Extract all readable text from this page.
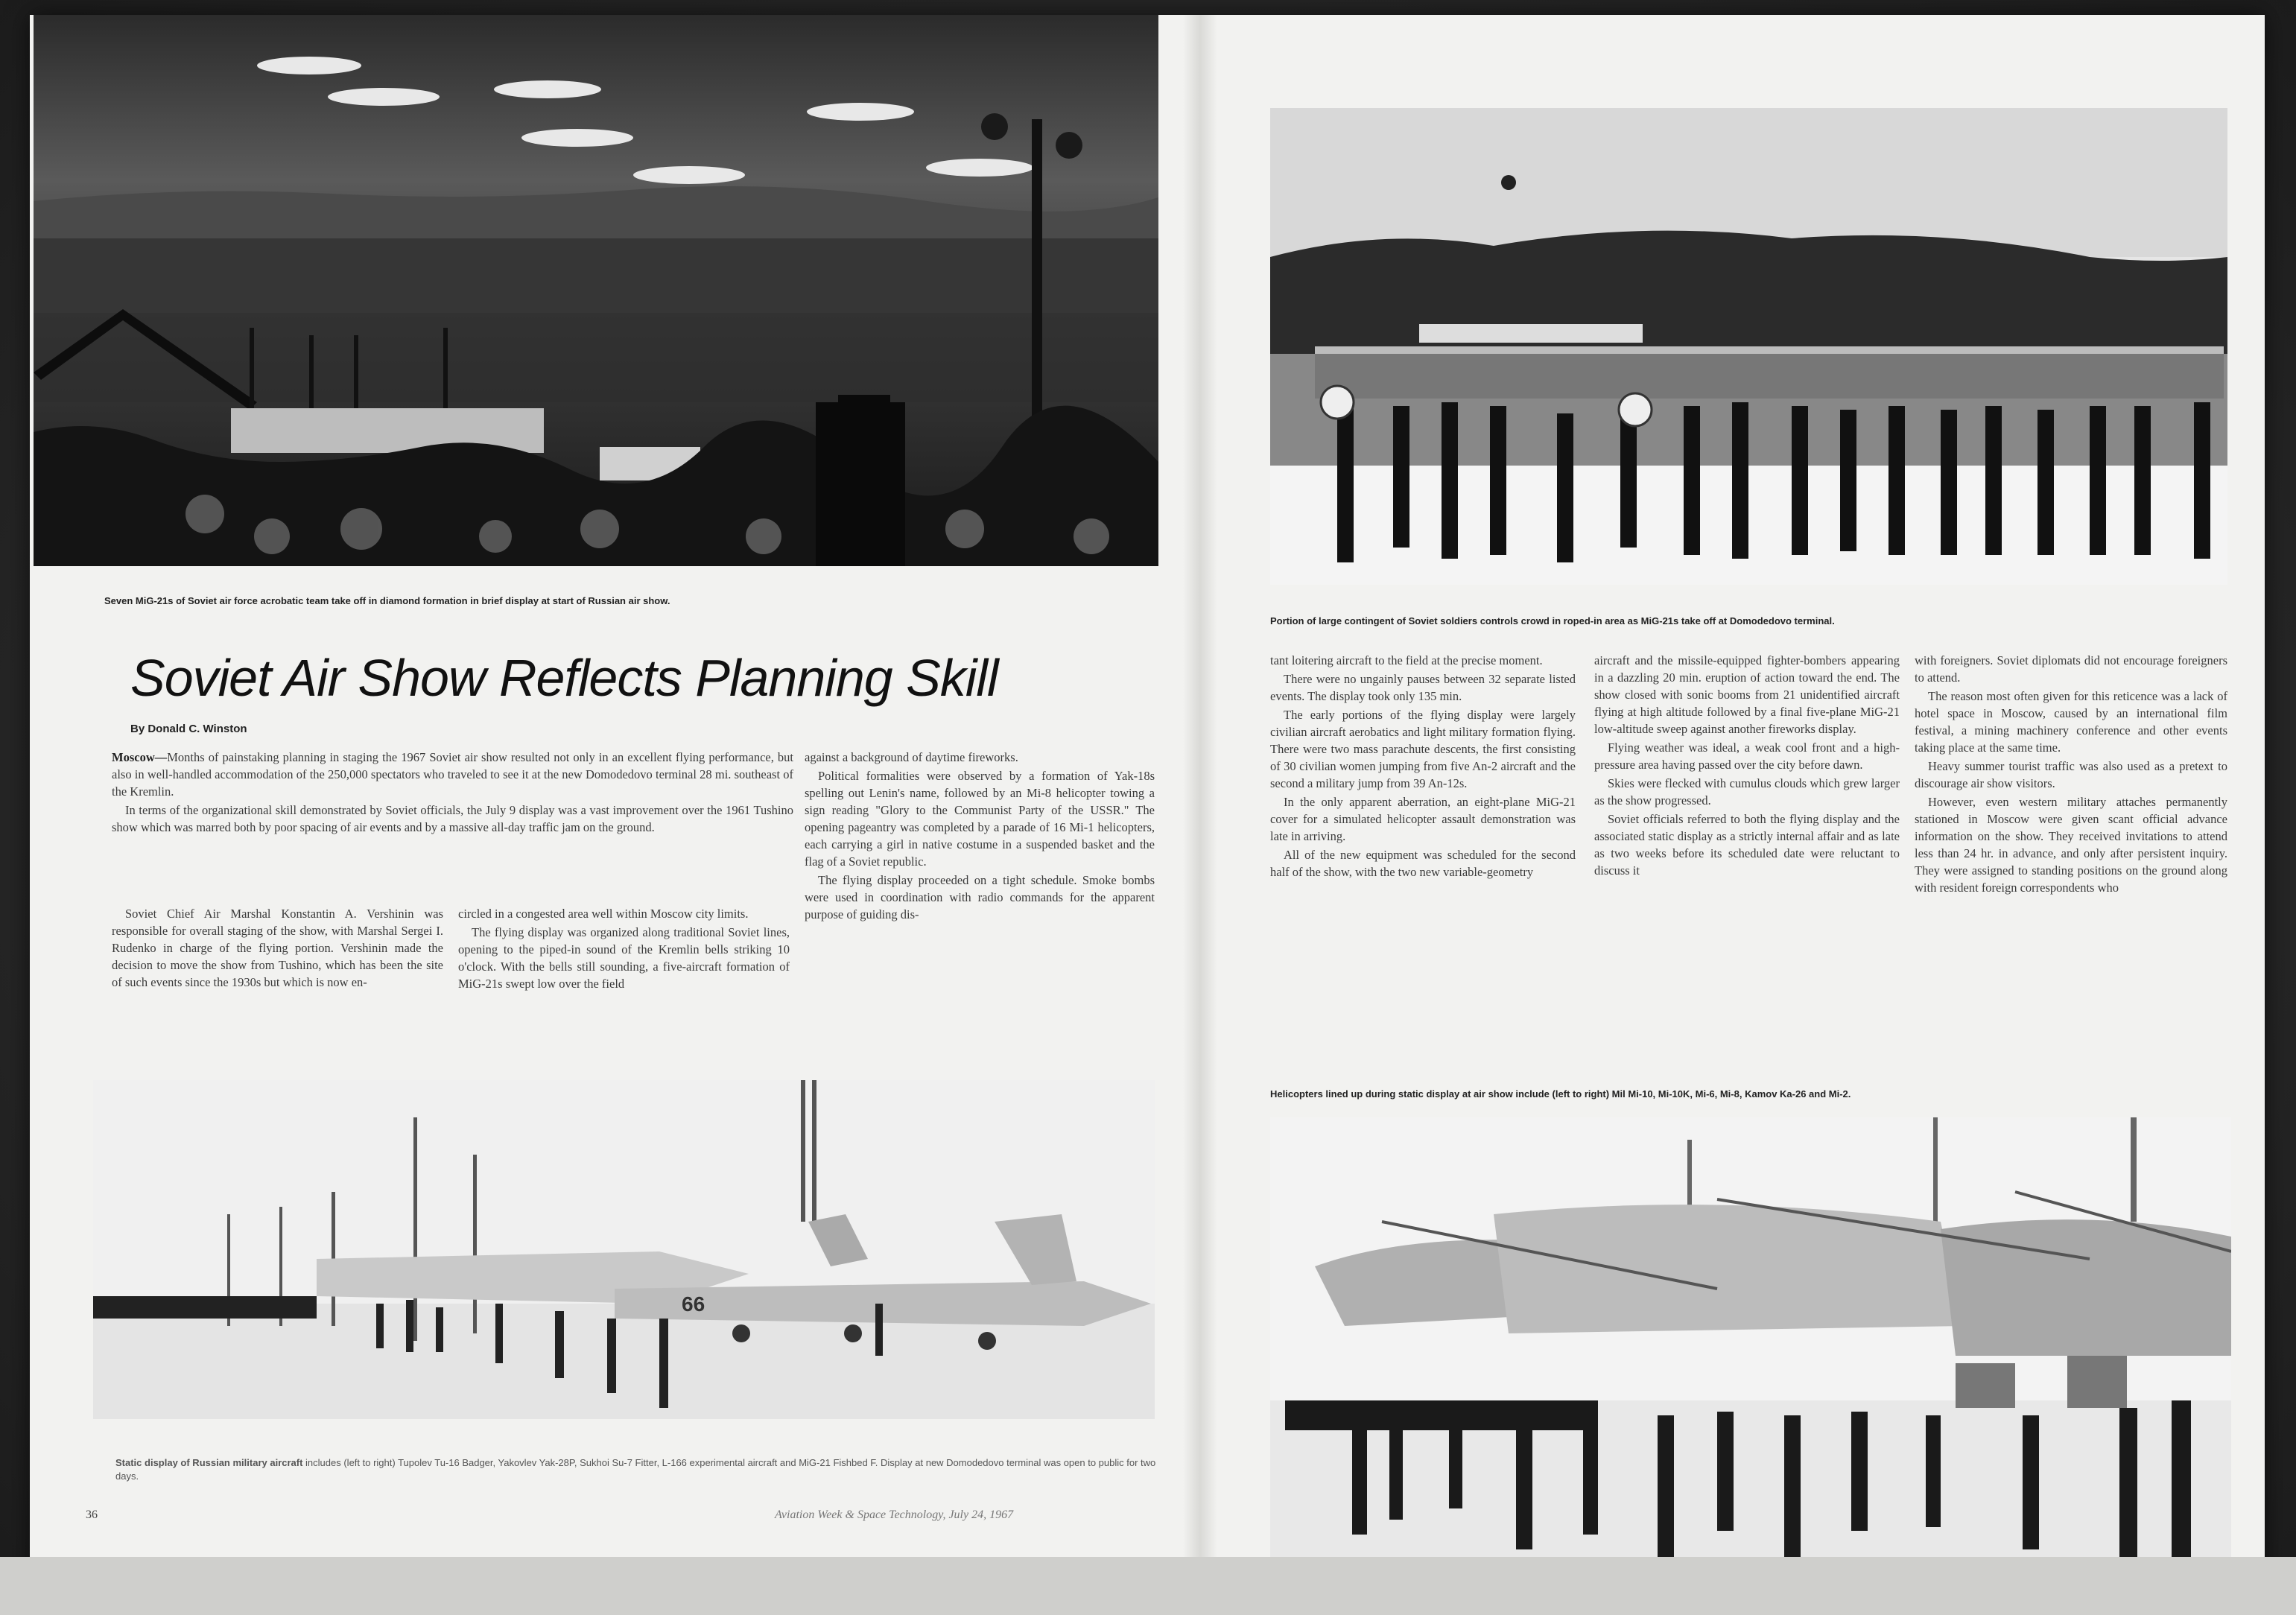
Seven MiG-21s of Soviet air force acrobatic team take off in diamond formation in brief display at start of Russian air show.
Soviet Air Show Reflects Planning Skill
By Donald C. Winston

Moscow—Months of painstaking planning in staging the 1967 Soviet air show resulted not only in an excellent flying performance, but also in well-handled accommodation of the 250,000 spectators who traveled to see it at the new Domodedovo terminal 28 mi. southeast of the Kremlin.

In terms of the organizational skill demonstrated by Soviet officials, the July 9 display was a vast improvement over the 1961 Tushino show which was marred both by poor spacing of air events and by a massive all-day traffic jam on the ground.

Soviet Chief Air Marshal Konstantin A. Vershinin was responsible for overall staging of the show, with Marshal Sergei I. Rudenko in charge of the flying portion. Vershinin made the decision to move the show from Tushino, which has been the site of such events since the 1930s but which is now en-

circled in a congested area well within Moscow city limits.

The flying display was organized along traditional Soviet lines, opening to the piped-in sound of the Kremlin bells striking 10 o'clock. With the bells still sounding, a five-aircraft formation of MiG-21s swept low over the field

against a background of daytime fireworks.

Political formalities were observed by a formation of Yak-18s spelling out Lenin's name, followed by an Mi-8 helicopter towing a sign reading "Glory to the Communist Party of the USSR." The opening pageantry was completed by a parade of 16 Mi-1 helicopters, each carrying a girl in native costume in a suspended basket and the flag of a Soviet republic.

The flying display proceeded on a tight schedule. Smoke bombs were used in coordination with radio commands for the apparent purpose of guiding dis-

66
Static display of Russian military aircraft includes (left to right) Tupolev Tu-16 Badger, Yakovlev Yak-28P, Sukhoi Su-7 Fitter, L-166 experimental aircraft and MiG-21 Fishbed F. Display at new Domodedovo terminal was open to public for two days.
36	Aviation Week & Space Technology, July 24, 1967
Portion of large contingent of Soviet soldiers controls crowd in roped-in area as MiG-21s take off at Domodedovo terminal.

tant loitering aircraft to the field at the precise moment.

There were no ungainly pauses between 32 separate listed events. The display took only 135 min.

The early portions of the flying display were largely civilian aircraft aerobatics and light military formation flying. There were two mass parachute descents, the first consisting of 30 civilian women jumping from five An-2 aircraft and the second a military jump from 39 An-12s.

In the only apparent aberration, an eight-plane MiG-21 cover for a simulated helicopter assault demonstration was late in arriving.

All of the new equipment was scheduled for the second half of the show, with the two new variable-geometry

aircraft and the missile-equipped fighter-bombers appearing in a dazzling 20 min. eruption of action toward the end. The show closed with sonic booms from 21 unidentified aircraft flying at high altitude followed by a final five-plane MiG-21 low-altitude sweep against another fireworks display.

Flying weather was ideal, a weak cool front and a high-pressure area having passed over the city before dawn.

Skies were flecked with cumulus clouds which grew larger as the show progressed.

Soviet officials referred to both the flying display and the associated static display as a strictly internal affair and as late as two weeks before its scheduled date were reluctant to discuss it

with foreigners. Soviet diplomats did not encourage foreigners to attend.

The reason most often given for this reticence was a lack of hotel space in Moscow, caused by an international film festival, a mining machinery conference and other events taking place at the same time.

Heavy summer tourist traffic was also used as a pretext to discourage air show visitors.

However, even western military attaches permanently stationed in Moscow were given scant official advance information on the show. They received invitations to attend less than 24 hr. in advance, and only after persistent inquiry. They were assigned to standing positions on the ground along with resident foreign correspondents who

Helicopters lined up during static display at air show include (left to right) Mil Mi-10, Mi-10K, Mi-6, Mi-8, Kamov Ka-26 and Mi-2.
